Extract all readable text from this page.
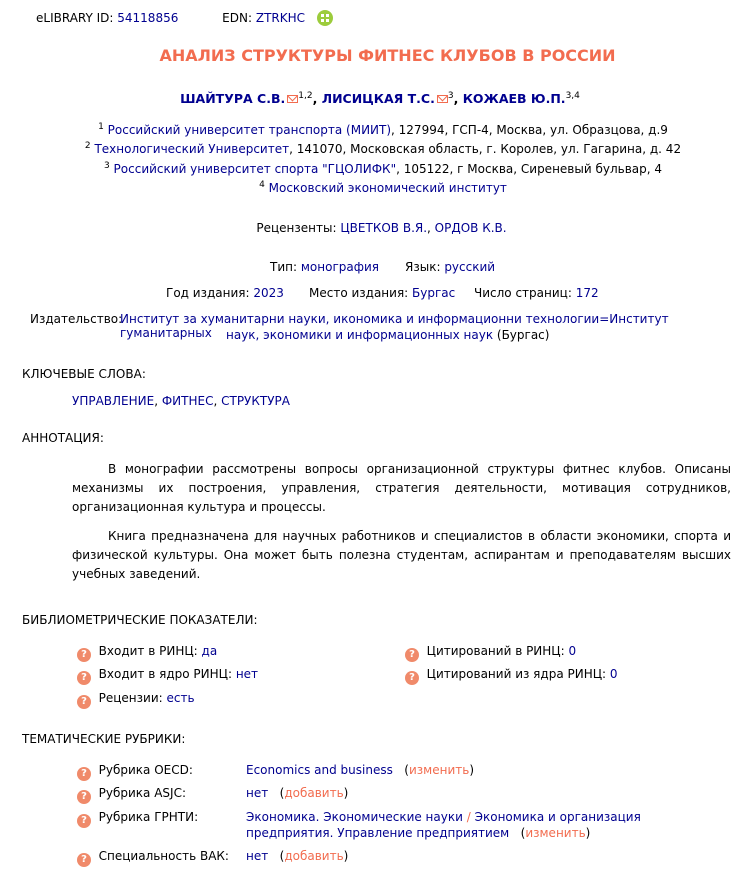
eLIBRARY ID: 54118856	EDN: ZTRKHC
АНАЛИЗ СТРУКТУРЫ ФИТНЕС КЛУБОВ В РОССИИ
ШАЙТУРА С.В. $^{1,2}$, ЛИСИЦКАЯ Т.С. $^3$, КОЖАЕВ Ю.П.$^{3,4}$
$^1$ Российский университет транспорта (МИИТ), 127994, ГСП-4, Москва, ул. Образцова, д.9
$^2$ Технологический Университет, 141070, Московская область, г. Королев, ул. Гагарина, д. 42
$^3$ Российский университет спорта "ГЦОЛИФК", 105122, г Москва, Сиреневый бульвар, 4
$^4$ Московский экономический институт
Рецензенты: ЦВЕТКОВ В.Я., ОРДОВ К.В.
Тип: монография Язык: русский
Год издания: 2023 Место издания: Бургас Число страниц: 172
Издательство:
Институт за хуманитарни науки, иконoмика и информационни технологии=Институт гуманитарных	наук, экономики и информационных наук (Бургас)
КЛЮЧЕВЫЕ СЛОВА:
УПРАВЛЕНИЕ, ФИТНЕС, СТРУКТУРА
АННОТАЦИЯ:
В монографии рассмотрены вопросы организационной структуры фитнес клубов. Описаны механизмы их построения, управления, стратегия деятельности, мотивация сотрудников, организационная культура и процессы.
Книга предназначена для научных работников и специалистов в области экономики, спорта и физической культуры. Она может быть полезна студентам, аспирантам и преподавателям высших учебных заведений.
БИБЛИОМЕТРИЧЕСКИЕ ПОКАЗАТЕЛИ:
? Входит в РИНЦ: да
? Входит в ядро РИНЦ: нет
? Рецензии: есть
? Цитирований в РИНЦ: 0
? Цитирований из ядра РИНЦ: 0
ТЕМАТИЧЕСКИЕ РУБРИКИ:
? Рубрика OECD:	Economics and business   (изменить)
? Рубрика ASJC:	нет   (добавить)
? Рубрика ГРНТИ:	Экономика. Экономические науки / Экономика и организация
предприятия. Управление предприятием   (изменить)
? Специальность ВАК: нет   (добавить)
